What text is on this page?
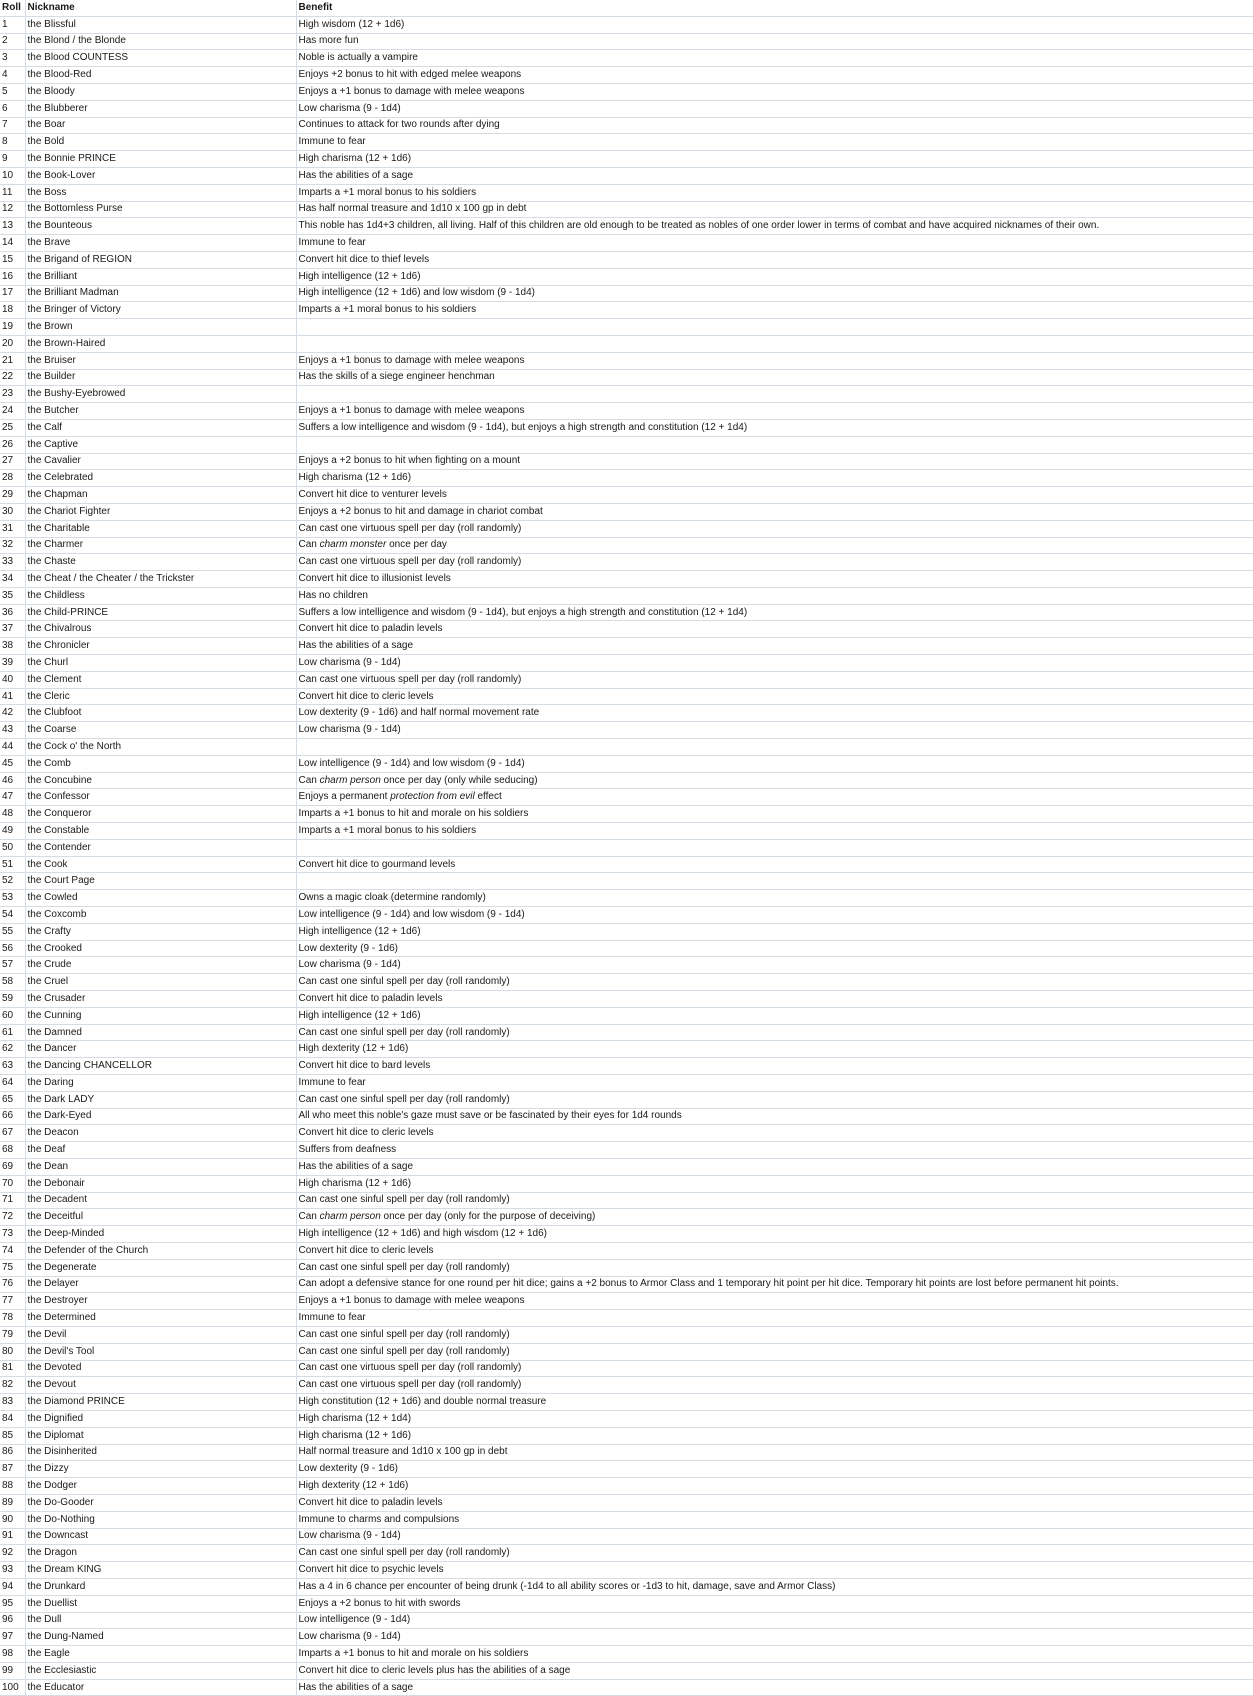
Roll	Nickname	Benefit
1	the Blissful	High wisdom (12 + 1d6)
2	the Blond / the Blonde	Has more fun
3	the Blood COUNTESS	Noble is actually a vampire
4	the Blood-Red	Enjoys +2 bonus to hit with edged melee weapons
5	the Bloody	Enjoys a +1 bonus to damage with melee weapons
6	the Blubberer	Low charisma (9 - 1d4)
7	the Boar	Continues to attack for two rounds after dying
8	the Bold	Immune to fear
9	the Bonnie PRINCE	High charisma (12 + 1d6)
10	the Book-Lover	Has the abilities of a sage
11	the Boss	Imparts a +1 moral bonus to his soldiers
12	the Bottomless Purse	Has half normal treasure and 1d10 x 100 gp in debt
13	the Bounteous	This noble has 1d4+3 children, all living. Half of this children are old enough to be treated as nobles of one order lower in terms of combat and have acquired nicknames of their own.
14	the Brave	Immune to fear
15	the Brigand of REGION	Convert hit dice to thief levels
16	the Brilliant	High intelligence (12 + 1d6)
17	the Brilliant Madman	High intelligence (12 + 1d6) and low wisdom (9 - 1d4)
18	the Bringer of Victory	Imparts a +1 moral bonus to his soldiers
19	the Brown	
20	the Brown-Haired	
21	the Bruiser	Enjoys a +1 bonus to damage with melee weapons
22	the Builder	Has the skills of a siege engineer henchman
23	the Bushy-Eyebrowed	
24	the Butcher	Enjoys a +1 bonus to damage with melee weapons
25	the Calf	Suffers a low intelligence and wisdom (9 - 1d4), but enjoys a high strength and constitution (12 + 1d4)
26	the Captive	
27	the Cavalier	Enjoys a +2 bonus to hit when fighting on a mount
28	the Celebrated	High charisma (12 + 1d6)
29	the Chapman	Convert hit dice to venturer levels
30	the Chariot Fighter	Enjoys a +2 bonus to hit and damage in chariot combat
31	the Charitable	Can cast one virtuous spell per day (roll randomly)
32	the Charmer	Can charm monster once per day
33	the Chaste	Can cast one virtuous spell per day (roll randomly)
34	the Cheat / the Cheater / the Trickster	Convert hit dice to illusionist levels
35	the Childless	Has no children
36	the Child-PRINCE	Suffers a low intelligence and wisdom (9 - 1d4), but enjoys a high strength and constitution (12 + 1d4)
37	the Chivalrous	Convert hit dice to paladin levels
38	the Chronicler	Has the abilities of a sage
39	the Churl	Low charisma (9 - 1d4)
40	the Clement	Can cast one virtuous spell per day (roll randomly)
41	the Cleric	Convert hit dice to cleric levels
42	the Clubfoot	Low dexterity (9 - 1d6) and half normal movement rate
43	the Coarse	Low charisma (9 - 1d4)
44	the Cock o' the North	
45	the Comb	Low intelligence (9 - 1d4) and low wisdom (9 - 1d4)
46	the Concubine	Can charm person once per day (only while seducing)
47	the Confessor	Enjoys a permanent protection from evil effect
48	the Conqueror	Imparts a +1 bonus to hit and morale on his soldiers
49	the Constable	Imparts a +1 moral bonus to his soldiers
50	the Contender	
51	the Cook	Convert hit dice to gourmand levels
52	the Court Page	
53	the Cowled	Owns a magic cloak (determine randomly)
54	the Coxcomb	Low intelligence (9 - 1d4) and low wisdom (9 - 1d4)
55	the Crafty	High intelligence (12 + 1d6)
56	the Crooked	Low dexterity (9 - 1d6)
57	the Crude	Low charisma (9 - 1d4)
58	the Cruel	Can cast one sinful spell per day (roll randomly)
59	the Crusader	Convert hit dice to paladin levels
60	the Cunning	High intelligence (12 + 1d6)
61	the Damned	Can cast one sinful spell per day (roll randomly)
62	the Dancer	High dexterity (12 + 1d6)
63	the Dancing CHANCELLOR	Convert hit dice to bard levels
64	the Daring	Immune to fear
65	the Dark LADY	Can cast one sinful spell per day (roll randomly)
66	the Dark-Eyed	All who meet this noble's gaze must save or be fascinated by their eyes for 1d4 rounds
67	the Deacon	Convert hit dice to cleric levels
68	the Deaf	Suffers from deafness
69	the Dean	Has the abilities of a sage
70	the Debonair	High charisma (12 + 1d6)
71	the Decadent	Can cast one sinful spell per day (roll randomly)
72	the Deceitful	Can charm person once per day (only for the purpose of deceiving)
73	the Deep-Minded	High intelligence (12 + 1d6) and high wisdom (12 + 1d6)
74	the Defender of the Church	Convert hit dice to cleric levels
75	the Degenerate	Can cast one sinful spell per day (roll randomly)
76	the Delayer	Can adopt a defensive stance for one round per hit dice; gains a +2 bonus to Armor Class and 1 temporary hit point per hit dice. Temporary hit points are lost before permanent hit points.
77	the Destroyer	Enjoys a +1 bonus to damage with melee weapons
78	the Determined	Immune to fear
79	the Devil	Can cast one sinful spell per day (roll randomly)
80	the Devil's Tool	Can cast one sinful spell per day (roll randomly)
81	the Devoted	Can cast one virtuous spell per day (roll randomly)
82	the Devout	Can cast one virtuous spell per day (roll randomly)
83	the Diamond PRINCE	High constitution (12 + 1d6) and double normal treasure
84	the Dignified	High charisma (12 + 1d4)
85	the Diplomat	High charisma (12 + 1d6)
86	the Disinherited	Half normal treasure and 1d10 x 100 gp in debt
87	the Dizzy	Low dexterity (9 - 1d6)
88	the Dodger	High dexterity (12 + 1d6)
89	the Do-Gooder	Convert hit dice to paladin levels
90	the Do-Nothing	Immune to charms and compulsions
91	the Downcast	Low charisma (9 - 1d4)
92	the Dragon	Can cast one sinful spell per day (roll randomly)
93	the Dream KING	Convert hit dice to psychic levels
94	the Drunkard	Has a 4 in 6 chance per encounter of being drunk (-1d4 to all ability scores or -1d3 to hit, damage, save and Armor Class)
95	the Duellist	Enjoys a +2 bonus to hit with swords
96	the Dull	Low intelligence (9 - 1d4)
97	the Dung-Named	Low charisma (9 - 1d4)
98	the Eagle	Imparts a +1 bonus to hit and morale on his soldiers
99	the Ecclesiastic	Convert hit dice to cleric levels plus has the abilities of a sage
100	the Educator	Has the abilities of a sage
